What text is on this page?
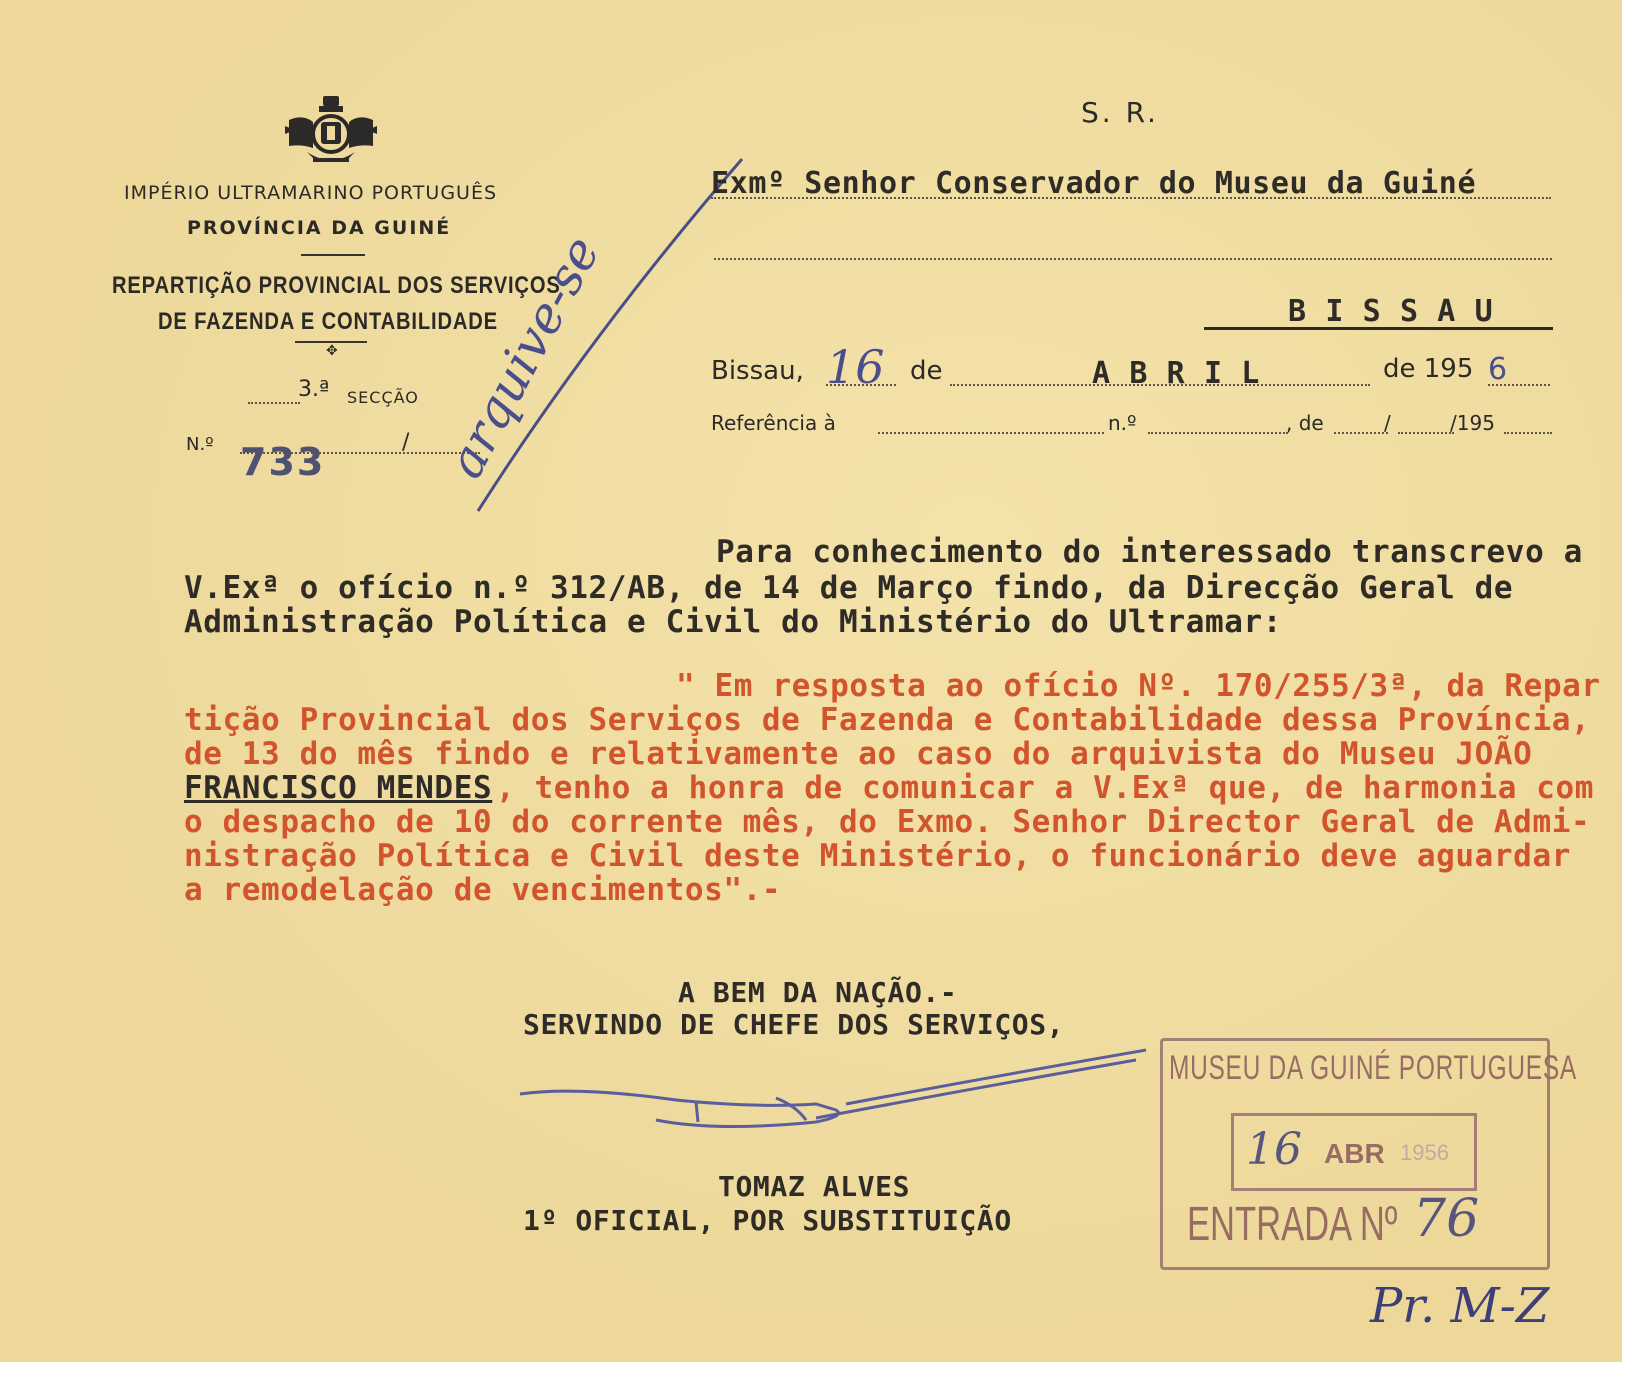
IMPÉRIO ULTRAMARINO PORTUGUÊS
PROVÍNCIA DA GUINÉ
REPARTIÇÃO PROVINCIAL DOS SERVIÇOS
DE FAZENDA E CONTABILIDADE
✥
3.ª SECÇÃO
N.º 733	/ arquive-se
S. R.
Exmº Senhor Conservador do Museu da Guiné
B I S S A U
Bissau, 16 de	A B R I L	de 195 6
Referência à	n.º	, de	/	/195
Para conhecimento do interessado transcrevo a
V.Exª o ofício n.º 312/AB, de 14 de Março findo, da Direcção Geral de
Administração Política e Civil do Ministério do Ultramar:
" Em resposta ao ofício Nº. 170/255/3ª, da Repar
tição Provincial dos Serviços de Fazenda e Contabilidade dessa Província,
de 13 do mês findo e relativamente ao caso do arquivista do Museu JOÃO
FRANCISCO MENDES , tenho a honra de comunicar a V.Exª que, de harmonia com
o despacho de 10 do corrente mês, do Exmo. Senhor Director Geral de Admi-
nistração Política e Civil deste Ministério, o funcionário deve aguardar
a remodelação de vencimentos".-
A BEM DA NAÇÃO.-
SERVINDO DE CHEFE DOS SERVIÇOS,
TOMAZ ALVES
1º OFICIAL, POR SUBSTITUIÇÃO
MUSEU DA GUINÉ PORTUGUESA
16 ABR 1956
ENTRADA Nº 76
Pr. M-Z
